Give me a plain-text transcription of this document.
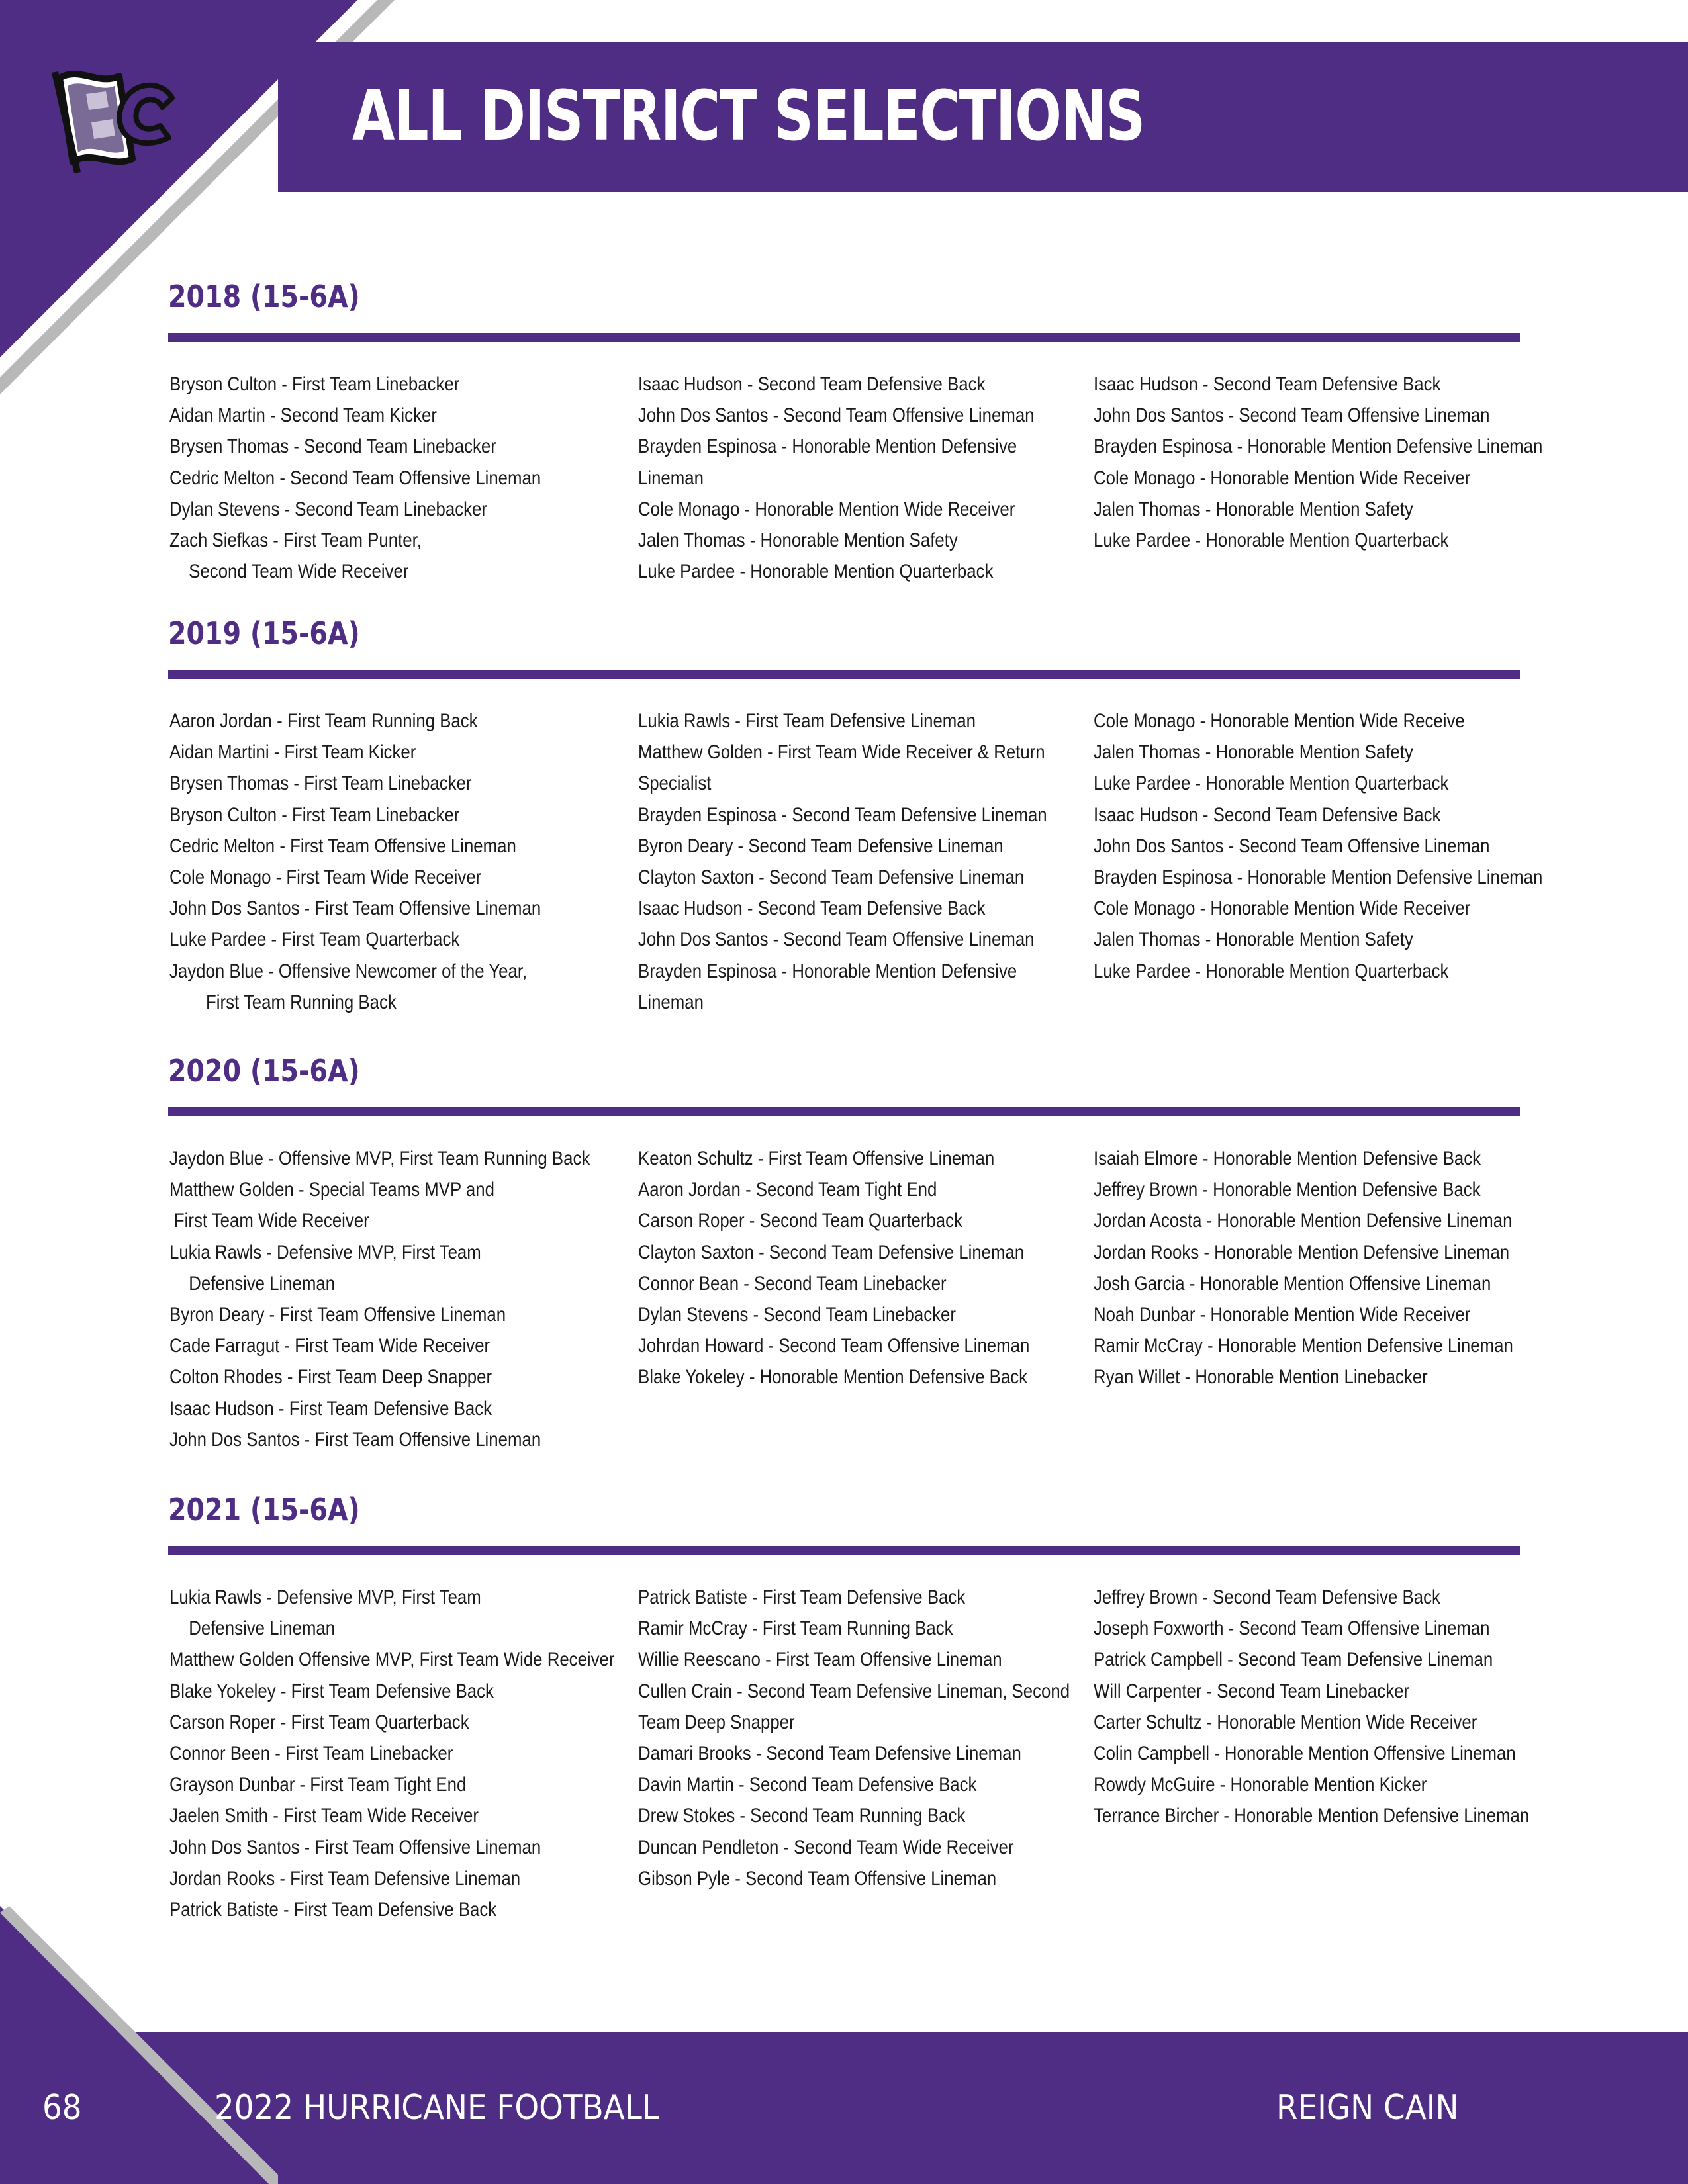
ALL DISTRICT SELECTIONS
2018 (15-6A)
Bryson Culton - First Team Linebacker
Aidan Martin - Second Team Kicker
Brysen Thomas - Second Team Linebacker
Cedric Melton - Second Team Offensive Lineman
Dylan Stevens - Second Team Linebacker
Zach Siefkas - First Team Punter,
Second Team Wide Receiver
Isaac Hudson - Second Team Defensive Back
John Dos Santos - Second Team Offensive Lineman
Brayden Espinosa - Honorable Mention Defensive
Lineman
Cole Monago - Honorable Mention Wide Receiver
Jalen Thomas - Honorable Mention Safety
Luke Pardee - Honorable Mention Quarterback
Isaac Hudson - Second Team Defensive Back
John Dos Santos - Second Team Offensive Lineman
Brayden Espinosa - Honorable Mention Defensive Lineman
Cole Monago - Honorable Mention Wide Receiver
Jalen Thomas - Honorable Mention Safety
Luke Pardee - Honorable Mention Quarterback
2019 (15-6A)
Aaron Jordan - First Team Running Back
Aidan Martini - First Team Kicker
Brysen Thomas - First Team Linebacker
Bryson Culton - First Team Linebacker
Cedric Melton - First Team Offensive Lineman
Cole Monago - First Team Wide Receiver
John Dos Santos - First Team Offensive Lineman
Luke Pardee - First Team Quarterback
Jaydon Blue - Offensive Newcomer of the Year,
First Team Running Back
Lukia Rawls - First Team Defensive Lineman
Matthew Golden - First Team Wide Receiver & Return
Specialist
Brayden Espinosa - Second Team Defensive Lineman
Byron Deary - Second Team Defensive Lineman
Clayton Saxton - Second Team Defensive Lineman
Isaac Hudson - Second Team Defensive Back
John Dos Santos - Second Team Offensive Lineman
Brayden Espinosa - Honorable Mention Defensive
Lineman
Cole Monago - Honorable Mention Wide Receive
Jalen Thomas - Honorable Mention Safety
Luke Pardee - Honorable Mention Quarterback
Isaac Hudson - Second Team Defensive Back
John Dos Santos - Second Team Offensive Lineman
Brayden Espinosa - Honorable Mention Defensive Lineman
Cole Monago - Honorable Mention Wide Receiver
Jalen Thomas - Honorable Mention Safety
Luke Pardee - Honorable Mention Quarterback
2020 (15-6A)
Jaydon Blue - Offensive MVP, First Team Running Back
Matthew Golden - Special Teams MVP and
First Team Wide Receiver
Lukia Rawls - Defensive MVP, First Team
Defensive Lineman
Byron Deary - First Team Offensive Lineman
Cade Farragut - First Team Wide Receiver
Colton Rhodes - First Team Deep Snapper
Isaac Hudson - First Team Defensive Back
John Dos Santos - First Team Offensive Lineman
Keaton Schultz - First Team Offensive Lineman
Aaron Jordan - Second Team Tight End
Carson Roper - Second Team Quarterback
Clayton Saxton - Second Team Defensive Lineman
Connor Bean - Second Team Linebacker
Dylan Stevens - Second Team Linebacker
Johrdan Howard - Second Team Offensive Lineman
Blake Yokeley - Honorable Mention Defensive Back
Isaiah Elmore - Honorable Mention Defensive Back
Jeffrey Brown - Honorable Mention Defensive Back
Jordan Acosta - Honorable Mention Defensive Lineman
Jordan Rooks - Honorable Mention Defensive Lineman
Josh Garcia - Honorable Mention Offensive Lineman
Noah Dunbar - Honorable Mention Wide Receiver
Ramir McCray - Honorable Mention Defensive Lineman
Ryan Willet - Honorable Mention Linebacker
2021 (15-6A)
Lukia Rawls - Defensive MVP, First Team
Defensive Lineman
Matthew Golden Offensive MVP, First Team Wide Receiver
Blake Yokeley - First Team Defensive Back
Carson Roper - First Team Quarterback
Connor Been - First Team Linebacker
Grayson Dunbar - First Team Tight End
Jaelen Smith - First Team Wide Receiver
John Dos Santos - First Team Offensive Lineman
Jordan Rooks - First Team Defensive Lineman
Patrick Batiste - First Team Defensive Back
Patrick Batiste - First Team Defensive Back
Ramir McCray - First Team Running Back
Willie Reescano - First Team Offensive Lineman
Cullen Crain - Second Team Defensive Lineman, Second
Team Deep Snapper
Damari Brooks - Second Team Defensive Lineman
Davin Martin - Second Team Defensive Back
Drew Stokes - Second Team Running Back
Duncan Pendleton - Second Team Wide Receiver
Gibson Pyle - Second Team Offensive Lineman
Jeffrey Brown - Second Team Defensive Back
Joseph Foxworth - Second Team Offensive Lineman
Patrick Campbell - Second Team Defensive Lineman
Will Carpenter - Second Team Linebacker
Carter Schultz - Honorable Mention Wide Receiver
Colin Campbell - Honorable Mention Offensive Lineman
Rowdy McGuire - Honorable Mention Kicker
Terrance Bircher - Honorable Mention Defensive Lineman
68	2022 HURRICANE FOOTBALL	REIGN CAIN
